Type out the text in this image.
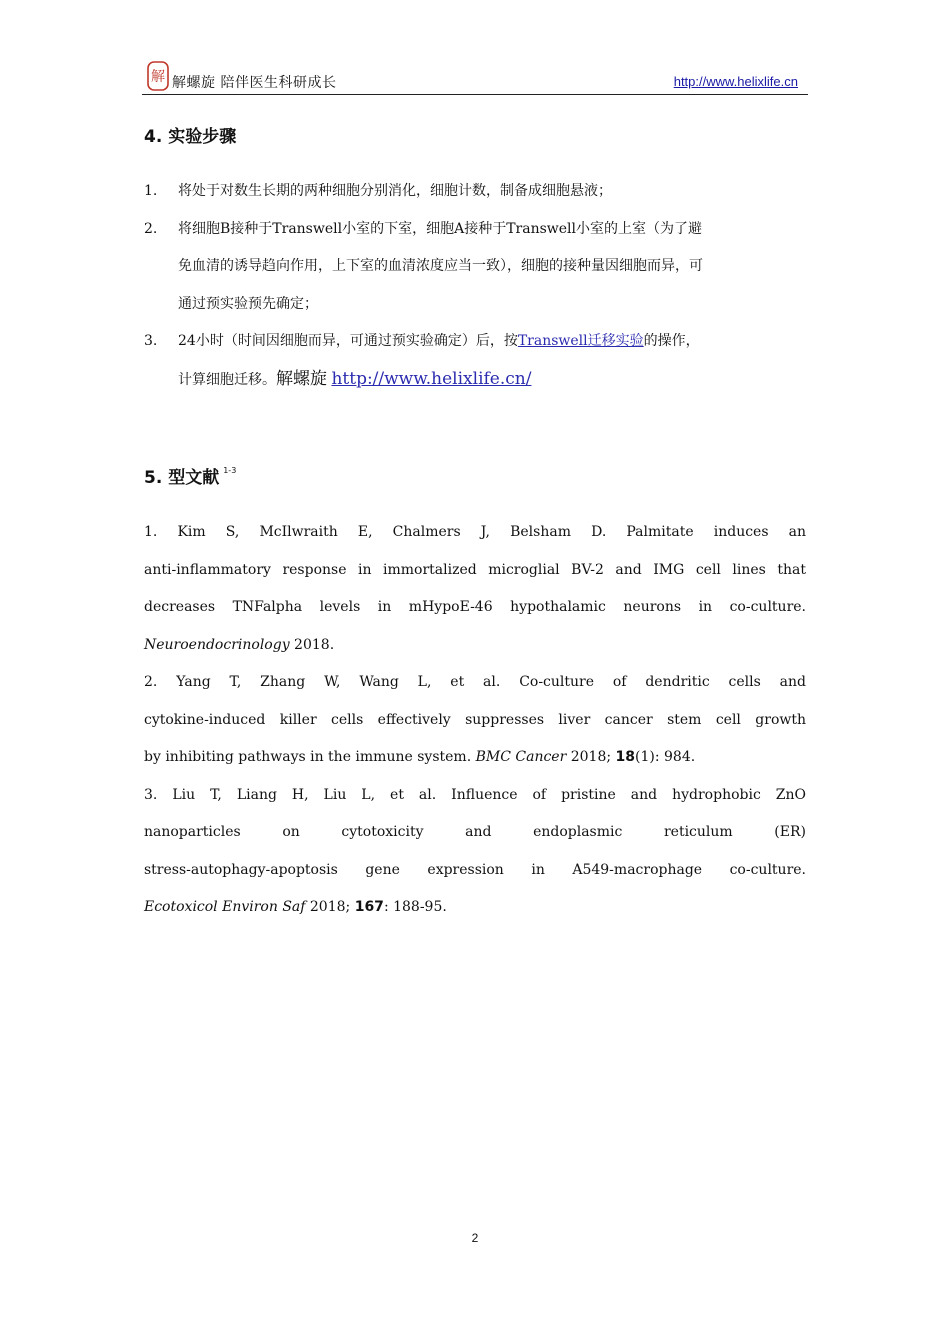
解 解螺旋 陪伴医生科研成长	http://www.helixlife.cn
4. 实验步骤
1. 将处于对数生长期的两种细胞分别消化，细胞计数，制备成细胞悬液；
2. 将细胞B接种于Transwell小室的下室，细胞A接种于Transwell小室的上室（为了避
免血清的诱导趋向作用，上下室的血清浓度应当一致），细胞的接种量因细胞而异，可
通过预实验预先确定；
3. 24小时（时间因细胞而异，可通过预实验确定）后，按Transwell迁移实验的操作，
计算细胞迁移。解螺旋 http://www.helixlife.cn/
5. 型文献 $^{1-3}$
1. Kim S, McIlwraith E, Chalmers J, Belsham D. Palmitate induces an
anti-inflammatory response in immortalized microglial BV-2 and IMG cell lines that
decreases TNFalpha levels in mHypoE-46 hypothalamic neurons in co-culture.
Neuroendocrinology 2018.
2. Yang T, Zhang W, Wang L, et al. Co-culture of dendritic cells and
cytokine-induced killer cells effectively suppresses liver cancer stem cell growth
by inhibiting pathways in the immune system. BMC Cancer 2018; 18(1): 984.
3. Liu T, Liang H, Liu L, et al. Influence of pristine and hydrophobic ZnO
nanoparticles on cytotoxicity and endoplasmic reticulum (ER)
stress-autophagy-apoptosis gene expression in A549-macrophage co-culture.
Ecotoxicol Environ Saf 2018; 167: 188-95.
2
